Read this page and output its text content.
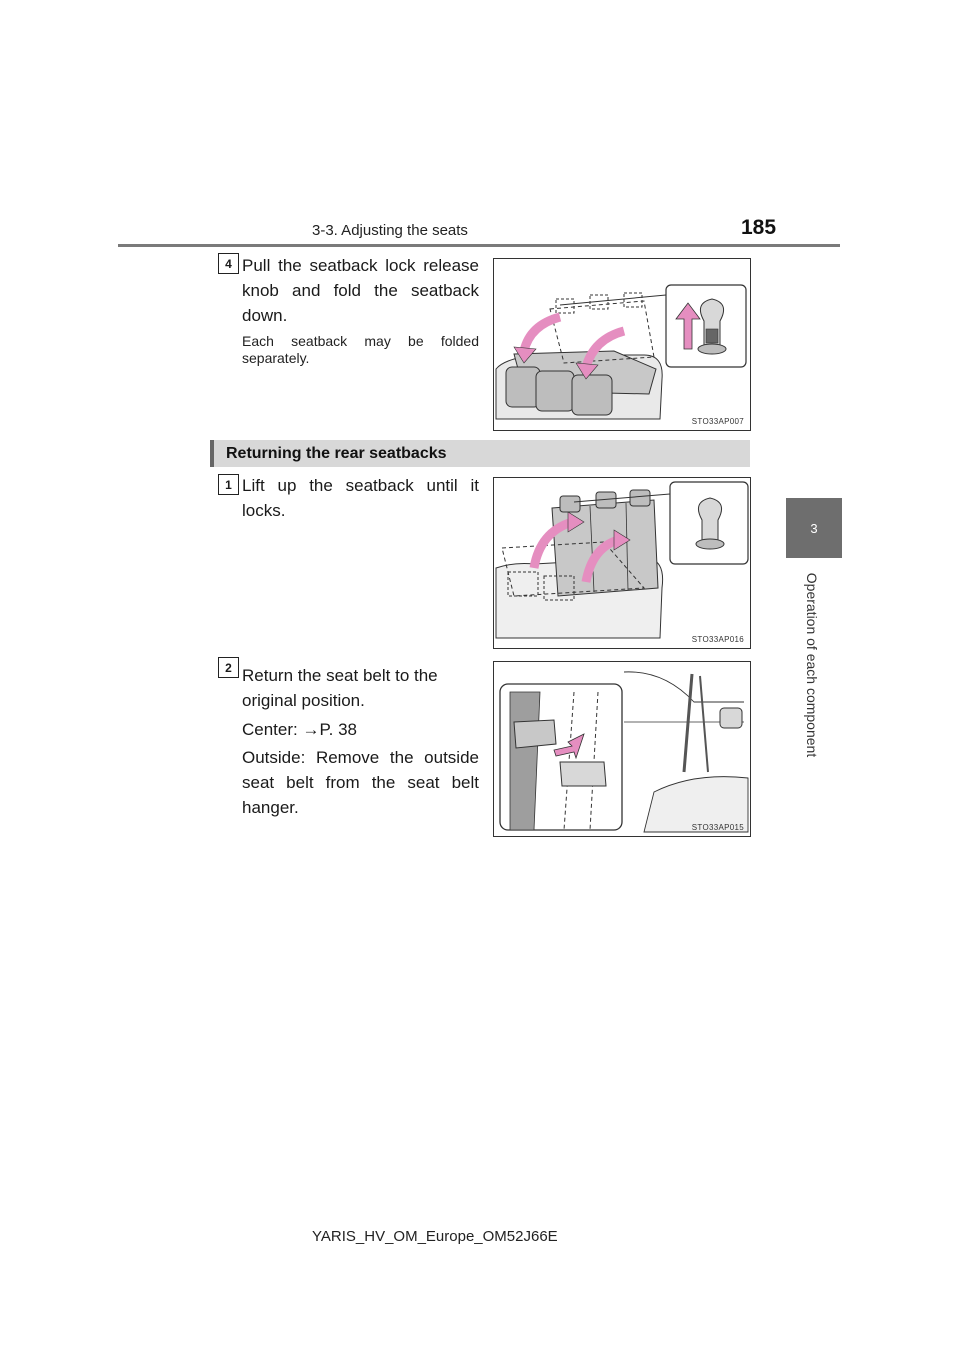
3-3. Adjusting the seats	185
3
Operation of each component
4 Pull the seatback lock release knob and fold the seatback down.
Each seatback may be folded separately.
STO33AP007
Returning the rear seatbacks
1 Lift up the seatback until it locks.
STO33AP016
2 Return the seat belt to the original position.
Center: →P. 38
Outside: Remove the outside seat belt from the seat belt hanger.
STO33AP015
YARIS_HV_OM_Europe_OM52J66E
